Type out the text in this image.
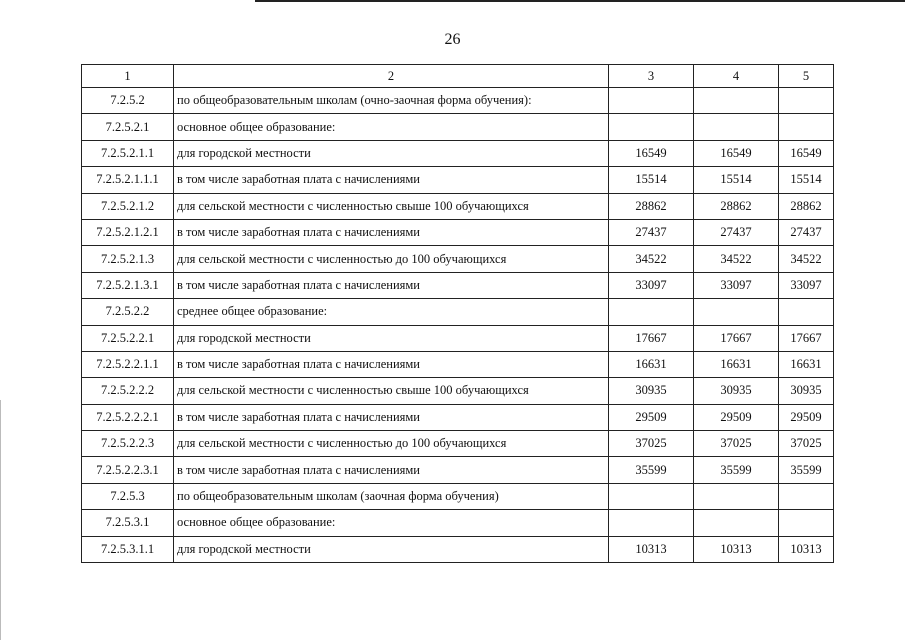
26
1	2	3	4	5
7.2.5.2	по общеобразовательным школам (очно-заочная форма обучения):			
7.2.5.2.1	основное общее образование:			
7.2.5.2.1.1	для городской местности	16549	16549	16549
7.2.5.2.1.1.1	в том числе заработная плата с начислениями	15514	15514	15514
7.2.5.2.1.2	для сельской местности с численностью свыше 100 обучающихся	28862	28862	28862
7.2.5.2.1.2.1	в том числе заработная плата с начислениями	27437	27437	27437
7.2.5.2.1.3	для сельской местности с численностью до 100 обучающихся	34522	34522	34522
7.2.5.2.1.3.1	в том числе заработная плата с начислениями	33097	33097	33097
7.2.5.2.2	среднее общее образование:			
7.2.5.2.2.1	для городской местности	17667	17667	17667
7.2.5.2.2.1.1	в том числе заработная плата с начислениями	16631	16631	16631
7.2.5.2.2.2	для сельской местности с численностью свыше 100 обучающихся	30935	30935	30935
7.2.5.2.2.2.1	в том числе заработная плата с начислениями	29509	29509	29509
7.2.5.2.2.3	для сельской местности с численностью до 100 обучающихся	37025	37025	37025
7.2.5.2.2.3.1	в том числе заработная плата с начислениями	35599	35599	35599
7.2.5.3	по общеобразовательным школам (заочная форма обучения)			
7.2.5.3.1	основное общее образование:			
7.2.5.3.1.1	для городской местности	10313	10313	10313
